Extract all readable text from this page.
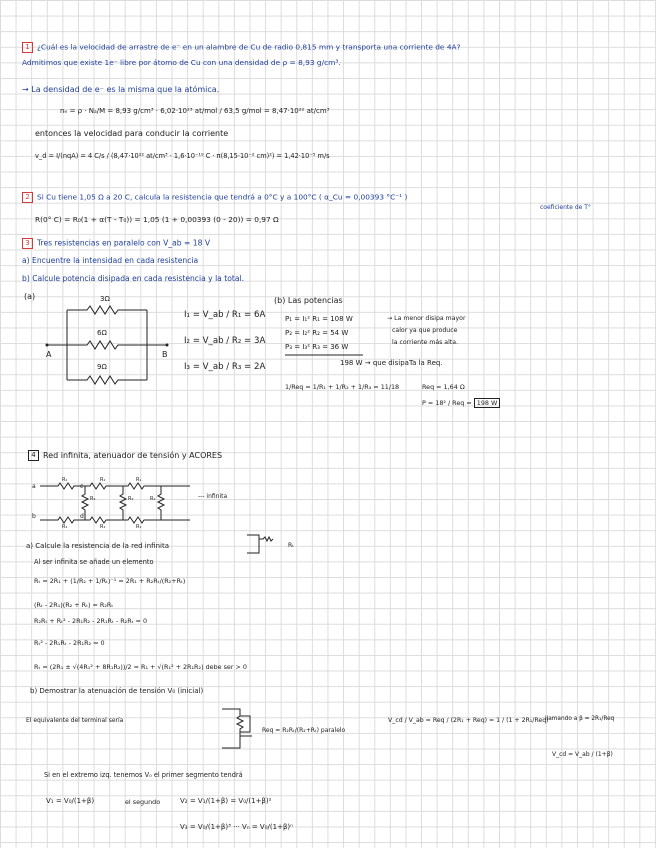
1 ¿Cuál es la velocidad de arrastre de e⁻ en un alambre de Cu de radio 0,815 mm y transporta una corriente de 4A?
Admitimos que existe 1e⁻ libre por átomo de Cu con una densidad de ρ = 8,93 g/cm³.
→ La densidad de e⁻ es la misma que la atómica.
nₑ = ρ · Nₐ/M = 8,93 g/cm³ · 6,02·10²³ at/mol / 63,5 g/mol = 8,47·10²² at/cm³
entonces la velocidad para conducir la corriente
v_d = I/(nqA) = 4 C/s / (8,47·10²² at/cm³ · 1,6·10⁻¹⁹ C · π(8,15·10⁻² cm)²) = 1,42·10⁻⁵ m/s
2 Si Cu tiene 1,05 Ω a 20 C, calcula la resistencia que tendrá a 0°C y a 100°C ( α_Cu = 0,00393 °C⁻¹ )
coeficiente de T°
R(0° C) = R₀(1 + α(T - T₀)) = 1,05 (1 + 0,00393 (0 - 20)) = 0,97 Ω
3 Tres resistencias en paralelo con V_ab = 18 V
a) Encuentre la intensidad en cada resistencia
b) Calcule potencia disipada en cada resistencia y la total.
(a)	3Ω
6Ω
9Ω
A	B
I₁ = V_ab / R₁ = 6A
I₂ = V_ab / R₂ = 3A
I₃ = V_ab / R₃ = 2A
(b) Las potencias
P₁ = I₁² R₁ = 108 W
P₂ = I₂² R₂ = 54 W
P₃ = I₃² R₃ = 36 W
→ La menor disipa mayor
calor ya que produce
la corriente más alta.
198 W → que disipaTa la Req.
1/Req = 1/R₁ + 1/R₂ + 1/R₃ = 11/18	Req = 1,64 Ω
P = 18² / Req = 198 W
4 Red infinita, atenuador de tensión y ACORES
R₁	R₁	R₁
R₂	R₂	R₂
R₁	R₁	R₁
a
b
c
d
--- infinita
a) Calcule la resistencia de la red infinita	Rₜ
Al ser infinita se añade un elemento
Rₜ = 2R₁ + (1/R₂ + 1/Rₜ)⁻¹ = 2R₁ + R₂Rₜ/(R₂+Rₜ)
(Rₜ - 2R₁)(R₂ + Rₜ) = R₂Rₜ
R₂Rₜ + Rₜ² - 2R₁R₂ - 2R₁Rₜ - R₂Rₜ = 0
Rₜ² - 2R₁Rₜ - 2R₁R₂ = 0
Rₜ = (2R₁ ± √(4R₁² + 8R₁R₂))/2 = R₁ + √(R₁² + 2R₁R₂) debe ser > 0
b) Demostrar la atenuación de tensión V₀ (inicial)
El equivalente del terminal sería
Req = R₂Rₜ/(R₂+Rₜ) paralelo
V_cd / V_ab = Req / (2R₁ + Req) = 1 / (1 + 2R₁/Req)
llamando a β = 2R₁/Req
V_cd = V_ab / (1+β)
Si en el extremo izq. tenemos V₀ el primer segmento tendrá
V₁ = V₀/(1+β)	el segundo	V₂ = V₁/(1+β) = V₀/(1+β)²
V₃ = V₀/(1+β)³ ··· Vₙ = V₀/(1+β)ⁿ
